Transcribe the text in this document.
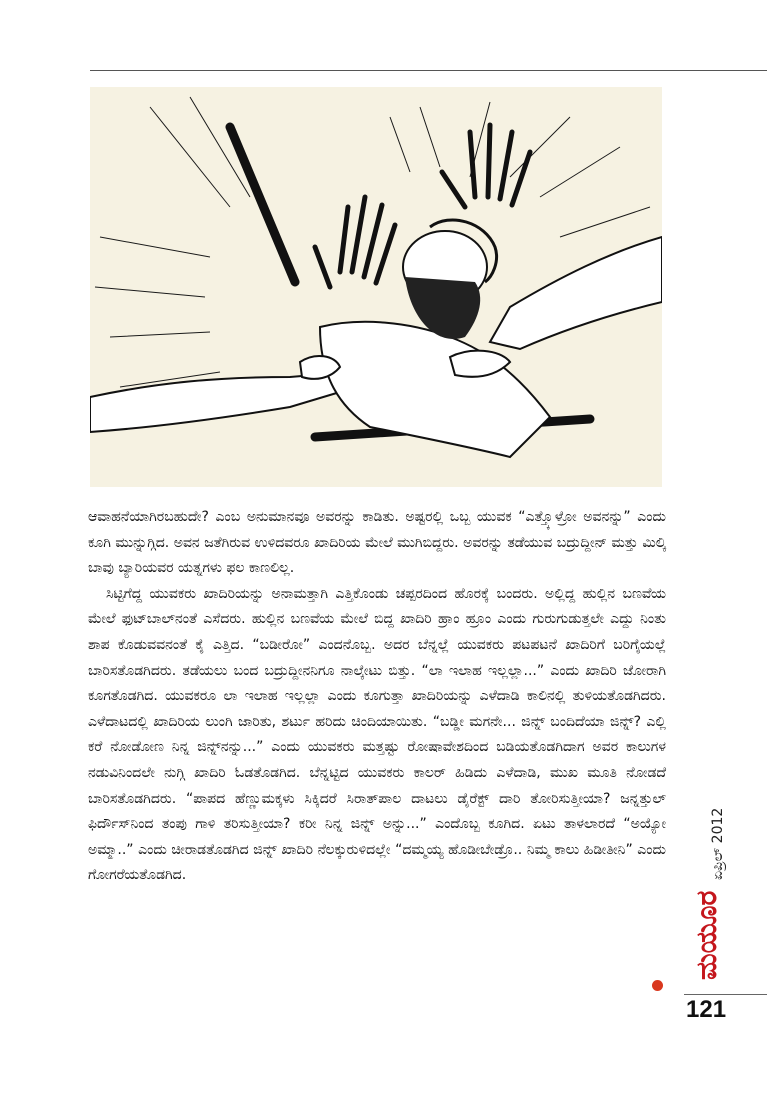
ಆವಾಹನೆಯಾಗಿರಬಹುದೇ? ಎಂಬ ಅನುಮಾನವೂ ಅವರನ್ನು ಕಾಡಿತು. ಅಷ್ಟರಲ್ಲಿ ಒಬ್ಬ ಯುವಕ “ಎತ್ತ್ಕೊಳ್ರೋ ಅವನನ್ನು” ಎಂದು ಕೂಗಿ ಮುನ್ನುಗ್ಗಿದ. ಅವನ ಜತೆಗಿರುವ ಉಳಿದವರೂ ಖಾದಿರಿಯ ಮೇಲೆ ಮುಗಿಬಿದ್ದರು. ಅವರನ್ನು ತಡೆಯುವ ಬದ್ರುದ್ದೀನ್ ಮತ್ತು ಮಿಲ್ಕಿ ಬಾವು ಬ್ಯಾರಿಯವರ ಯತ್ನಗಳು ಫಲ ಕಾಣಲಿಲ್ಲ.

ಸಿಟ್ಟಿಗೆದ್ದ ಯುವಕರು ಖಾದಿರಿಯನ್ನು ಅನಾಮತ್ತಾಗಿ ಎತ್ತಿಕೊಂಡು ಚಪ್ಪರದಿಂದ ಹೊರಕ್ಕೆ ಬಂದರು. ಅಲ್ಲಿದ್ದ ಹುಲ್ಲಿನ ಬಣವೆಯ ಮೇಲೆ ಫುಟ್‌ಬಾಲ್‌ನಂತೆ ಎಸೆದರು. ಹುಲ್ಲಿನ ಬಣವೆಯ ಮೇಲೆ ಬಿದ್ದ ಖಾದಿರಿ ಹ್ರಾಂ ಹ್ರೂಂ ಎಂದು ಗುರುಗುಡುತ್ತಲೇ ಎದ್ದು ನಿಂತು ಶಾಪ ಕೊಡುವವನಂತೆ ಕೈ ಎತ್ತಿದ. “ಬಡೀರೋ” ಎಂದನೊಬ್ಬ. ಅದರ ಬೆನ್ನಲ್ಲೆ ಯುವಕರು ಪಟಪಟನೆ ಖಾದಿರಿಗೆ ಬರಿಗೈಯಲ್ಲೆ ಬಾರಿಸತೊಡಗಿದರು. ತಡೆಯಲು ಬಂದ ಬದ್ರುದ್ದೀನನಿಗೂ ನಾಲ್ಕೇಟು ಬಿತ್ತು. “ಲಾ ಇಲಾಹ ಇಲ್ಲಲ್ಲಾ...” ಎಂದು ಖಾದಿರಿ ಜೋರಾಗಿ ಕೂಗತೊಡಗಿದ. ಯುವಕರೂ ಲಾ ಇಲಾಹ ಇಲ್ಲಲ್ಲಾ ಎಂದು ಕೂಗುತ್ತಾ ಖಾದಿರಿಯನ್ನು ಎಳೆದಾಡಿ ಕಾಲಿನಲ್ಲಿ ತುಳಿಯತೊಡಗಿದರು. ಎಳೆದಾಟದಲ್ಲಿ ಖಾದಿರಿಯ ಲುಂಗಿ ಜಾರಿತು, ಶರ್ಟು ಹರಿದು ಚಿಂದಿಯಾಯಿತು. “ಬಡ್ಡೀ ಮಗನೇ... ಜಿನ್ನ್ ಬಂದಿದೆಯಾ ಜಿನ್ನ್? ಎಲ್ಲಿ ಕರೆ ನೋಡೋಣ ನಿನ್ನ ಜಿನ್ನ್‌ನನ್ನು...” ಎಂದು ಯುವಕರು ಮತ್ತಷ್ಟು ರೋಷಾವೇಶದಿಂದ ಬಡಿಯತೊಡಗಿದಾಗ ಅವರ ಕಾಲುಗಳ ನಡುವಿನಿಂದಲೇ ನುಗ್ಗಿ ಖಾದಿರಿ ಓಡತೊಡಗಿದ. ಬೆನ್ನಟ್ಟಿದ ಯುವಕರು ಕಾಲರ್ ಹಿಡಿದು ಎಳೆದಾಡಿ, ಮುಖ ಮೂತಿ ನೋಡದೆ ಬಾರಿಸತೊಡಗಿದರು. “ಪಾಪದ ಹೆಣ್ಣುಮಕ್ಕಳು ಸಿಕ್ಕಿದರೆ ಸಿರಾತ್‌ಪಾಲ ದಾಟಲು ಡೈರೆಕ್ಟ್ ದಾರಿ ತೋರಿಸುತ್ತೀಯಾ? ಜನ್ನತ್ತುಲ್ ಫಿರ್ದೌಸ್‌ನಿಂದ ತಂಪು ಗಾಳಿ ತರಿಸುತ್ತೀಯಾ? ಕರೀ ನಿನ್ನ ಜಿನ್ನ್ ಅನ್ನು...” ಎಂದೊಬ್ಬ ಕೂಗಿದ. ಏಟು ತಾಳಲಾರದೆ “ಅಯ್ಯೋ ಅಮ್ಮಾ..” ಎಂದು ಚೀರಾಡತೊಡಗಿದ ಜಿನ್ನ್ ಖಾದಿರಿ ನೆಲಕ್ಕುರುಳಿದಲ್ಲೇ “ದಮ್ಮಯ್ಯ ಹೊಡೀಬೇಡ್ರೊ.. ನಿಮ್ಮ ಕಾಲು ಹಿಡೀತೀನಿ” ಎಂದು ಗೋಗರೆಯತೊಡಗಿದ.

ಮಯೂರ
ಏಪ್ರಿಲ್ 2012
121
